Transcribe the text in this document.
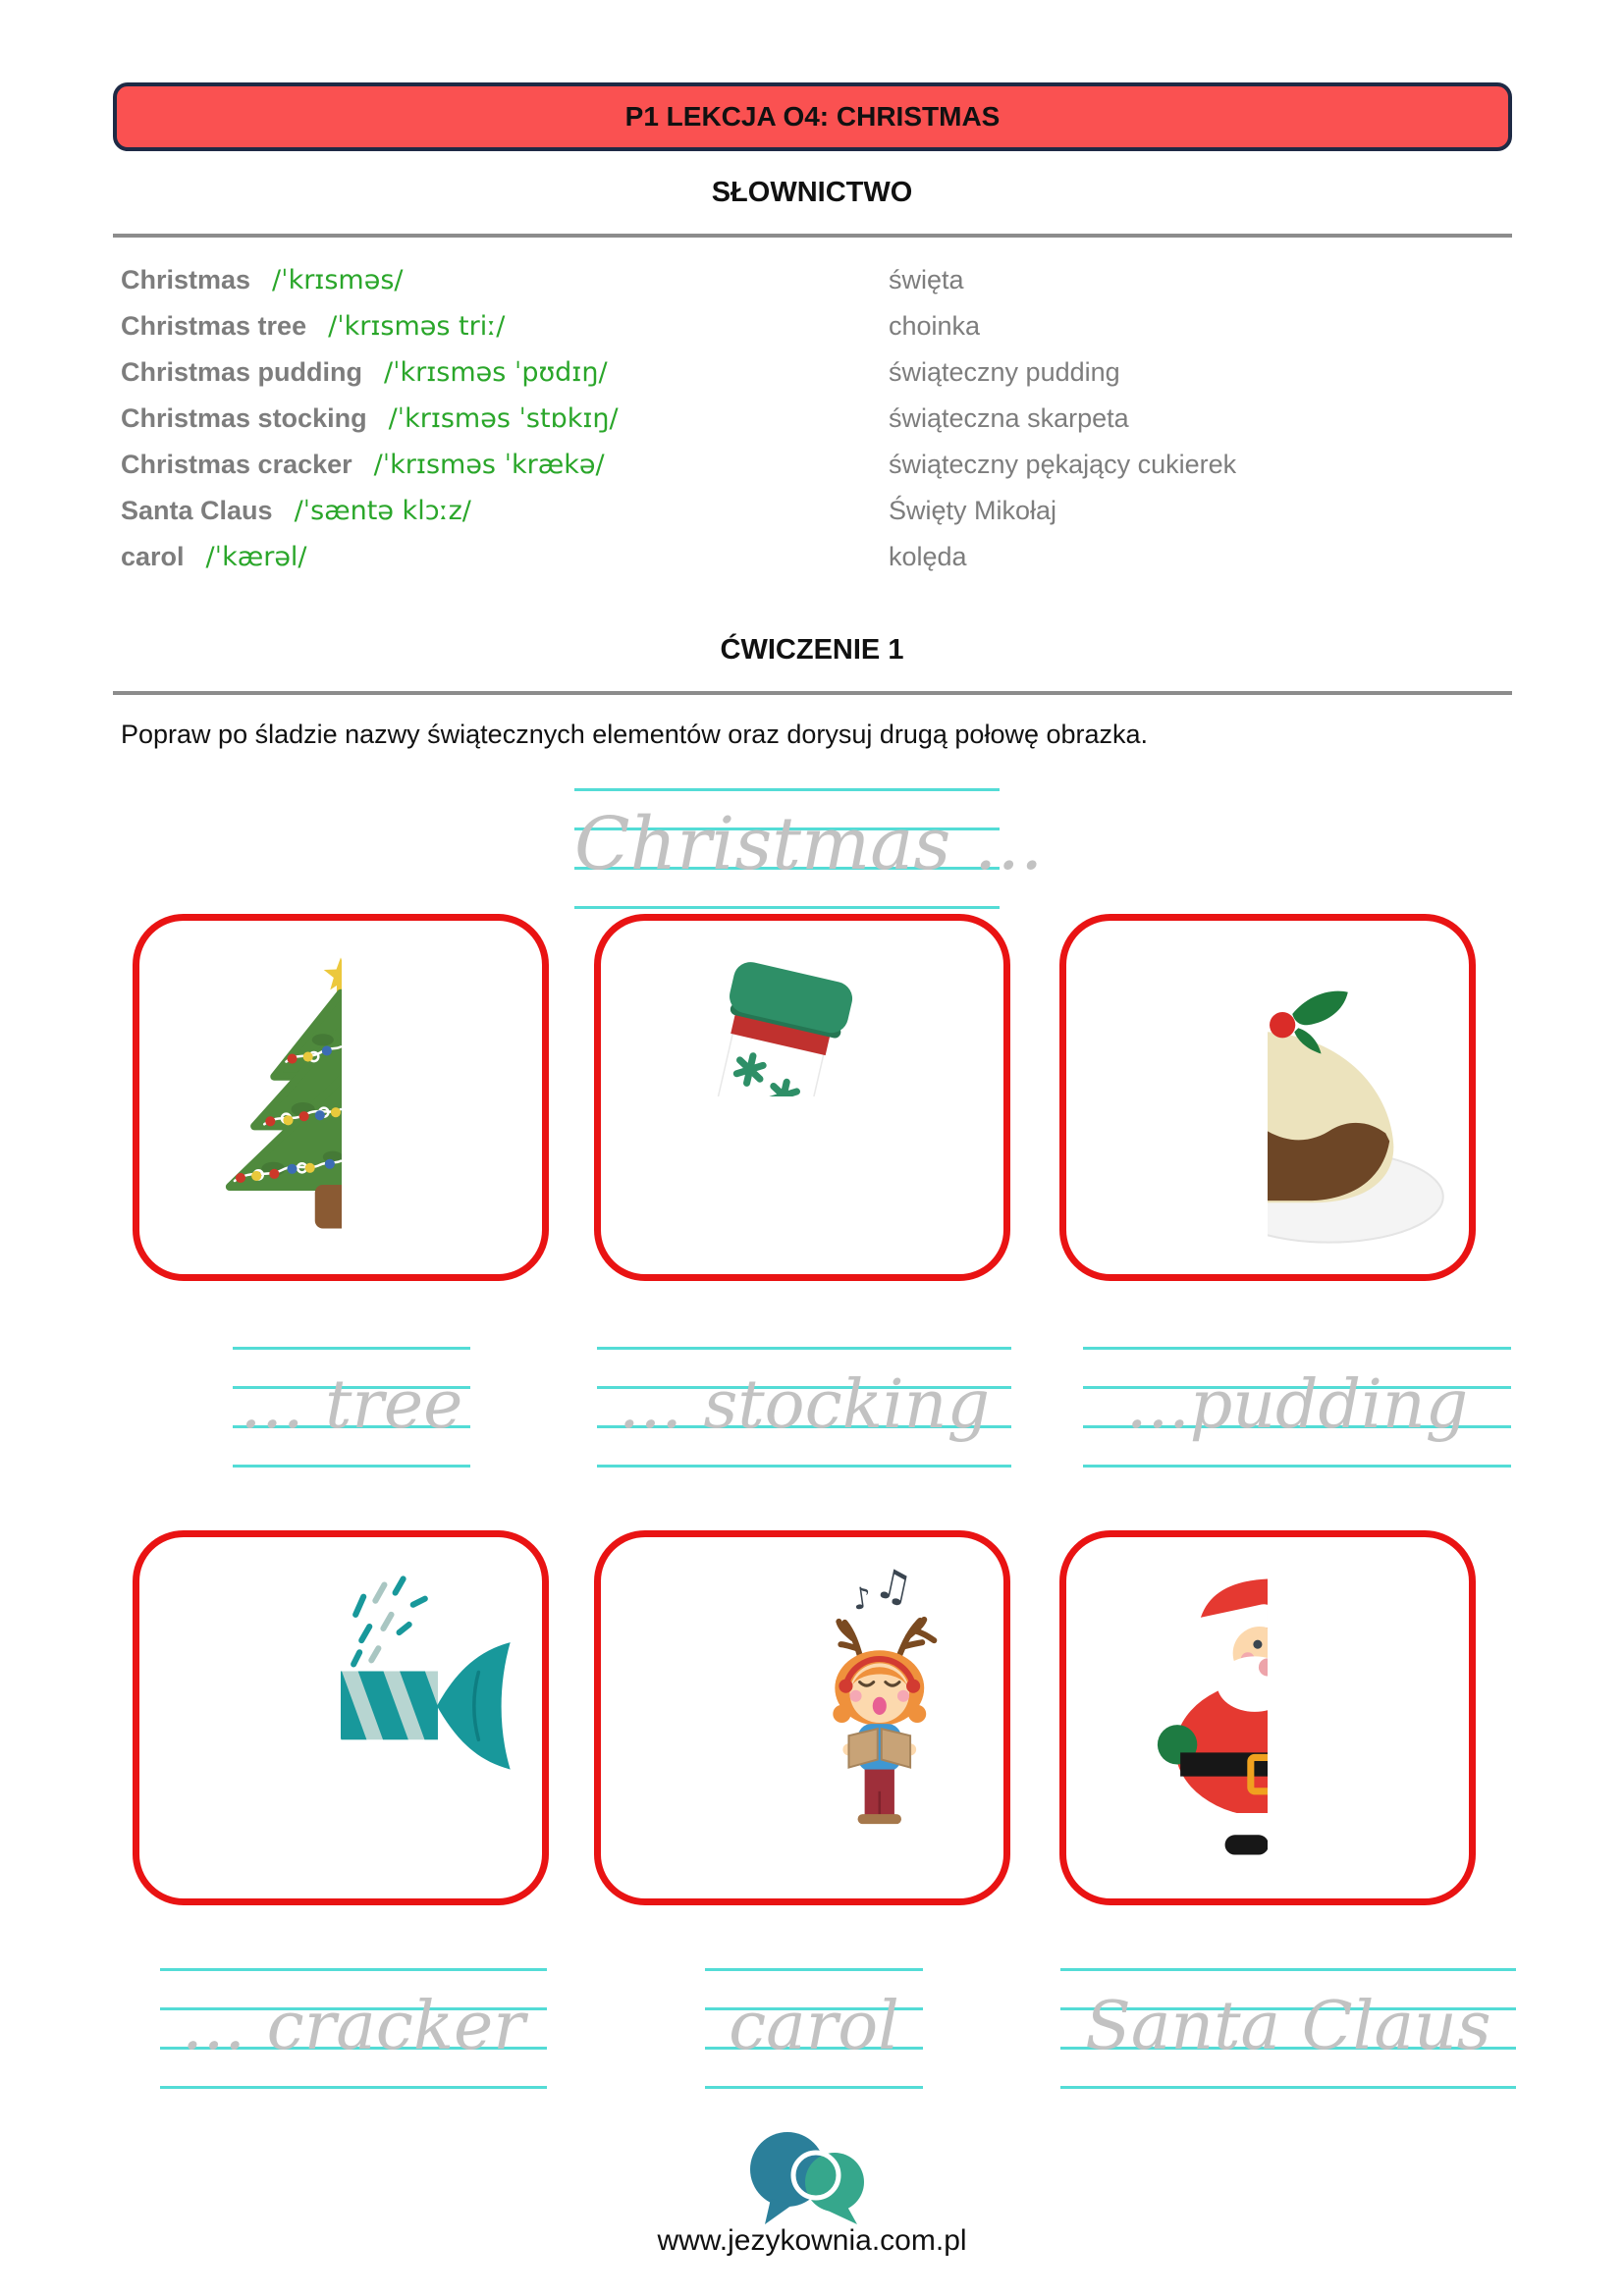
P1 LEKCJA O4: CHRISTMAS
SŁOWNICTWO
Christmas /ˈkrɪsməs/	święta
Christmas tree /ˈkrɪsməs triː/	choinka
Christmas pudding /ˈkrɪsməs ˈpʊdɪŋ/	świąteczny pudding
Christmas stocking /ˈkrɪsməs ˈstɒkɪŋ/	świąteczna skarpeta
Christmas cracker /ˈkrɪsməs ˈkrækə/	świąteczny pękający cukierek
Santa Claus /ˈsæntə klɔːz/	Święty Mikołaj
carol /ˈkærəl/	kolęda
ĆWICZENIE 1
Popraw po śladzie nazwy świątecznych elementów oraz dorysuj drugą połowę obrazka.
Christmas ...
... tree	... stocking	...pudding
♫
♪
... cracker	carol	Santa Claus
www.jezykownia.com.pl
